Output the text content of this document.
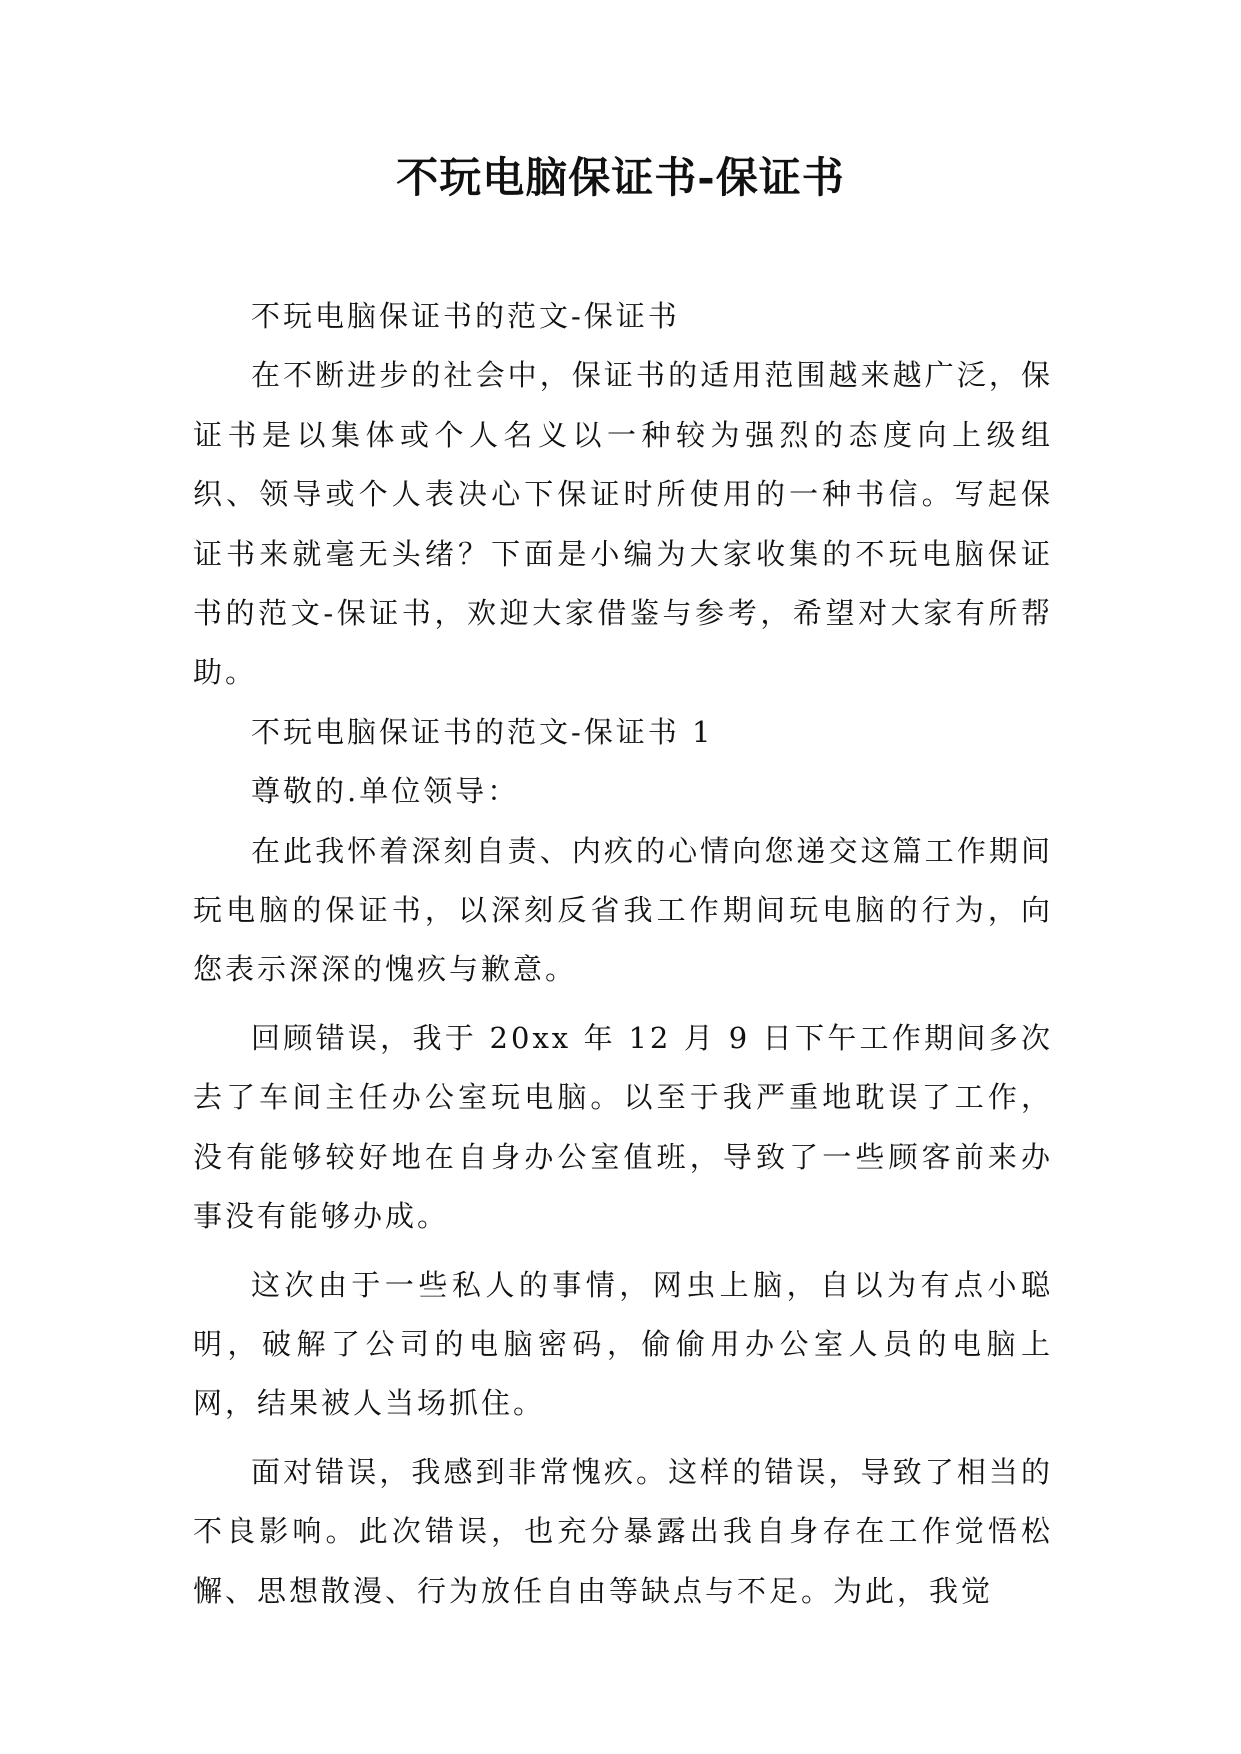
不玩电脑保证书-保证书

不玩电脑保证书的范文-保证书

在不断进步的社会中，保证书的适用范围越来越广泛，保证书是以集体或个人名义以一种较为强烈的态度向上级组织、领导或个人表决心下保证时所使用的一种书信。写起保证书来就毫无头绪？下面是小编为大家收集的不玩电脑保证书的范文-保证书，欢迎大家借鉴与参考，希望对大家有所帮助。

不玩电脑保证书的范文-保证书 1

尊敬的.单位领导：

在此我怀着深刻自责、内疚的心情向您递交这篇工作期间玩电脑的保证书，以深刻反省我工作期间玩电脑的行为，向您表示深深的愧疚与歉意。

回顾错误，我于 20xx 年 12 月 9 日下午工作期间多次去了车间主任办公室玩电脑。以至于我严重地耽误了工作，没有能够较好地在自身办公室值班，导致了一些顾客前来办事没有能够办成。

这次由于一些私人的事情，网虫上脑，自以为有点小聪明，破解了公司的电脑密码，偷偷用办公室人员的电脑上网，结果被人当场抓住。

面对错误，我感到非常愧疚。这样的错误，导致了相当的不良影响。此次错误，也充分暴露出我自身存在工作觉悟松懈、思想散漫、行为放任自由等缺点与不足。为此，我觉
